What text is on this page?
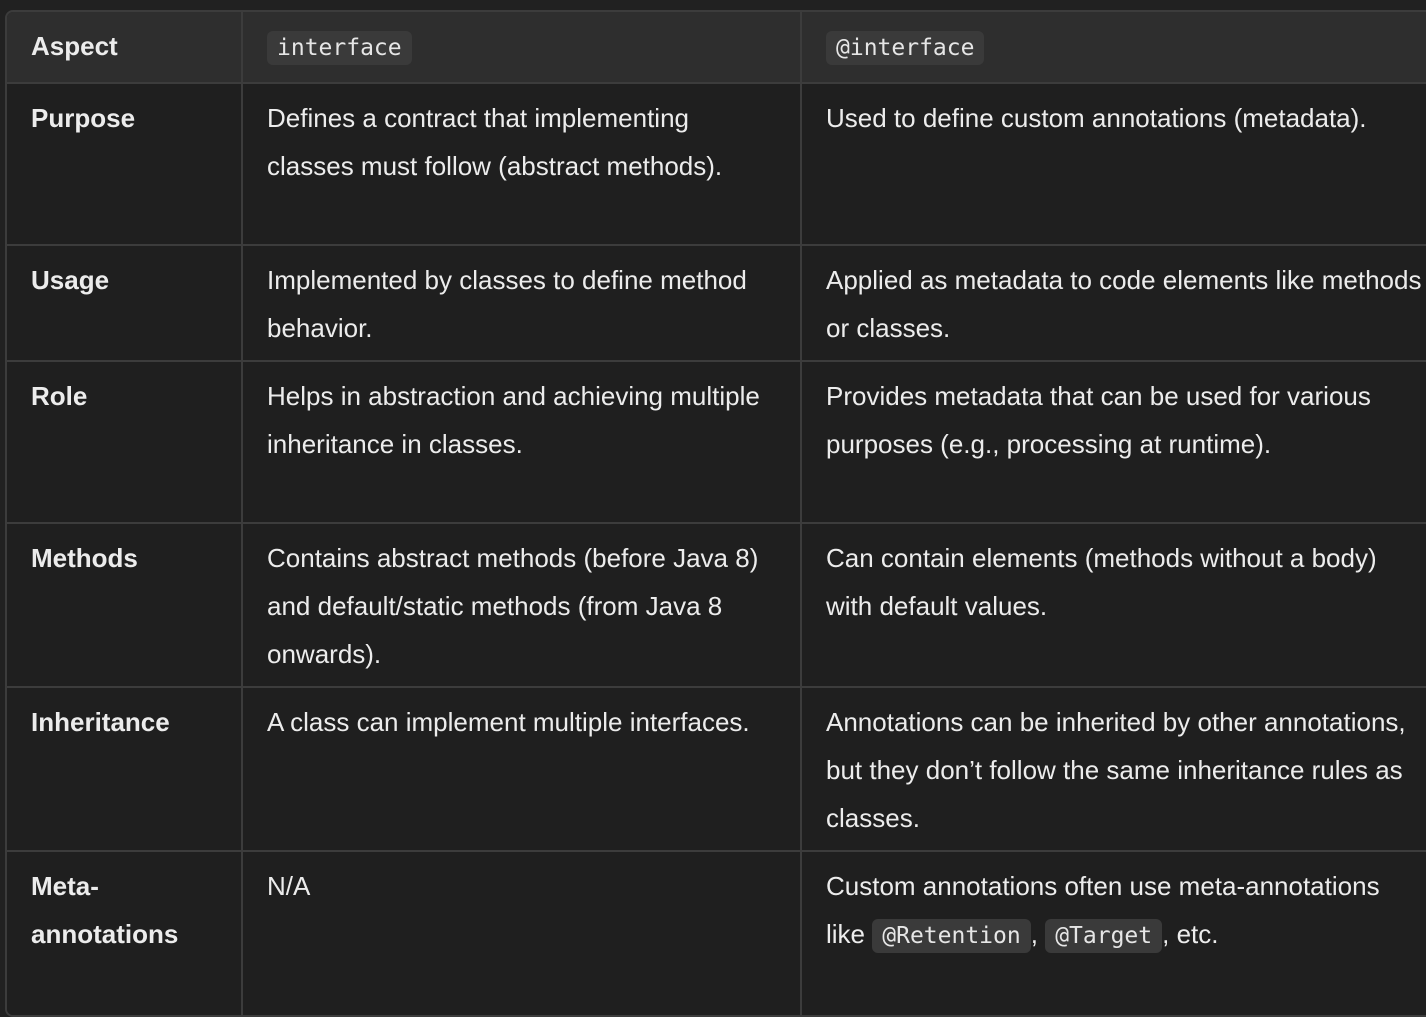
Aspect	interface	@interface
Purpose	Defines a contract that implementing classes must follow (abstract methods).	Used to define custom annotations (metadata).
Usage	Implemented by classes to define method behavior.	Applied as metadata to code elements like methods or classes.
Role	Helps in abstraction and achieving multiple inheritance in classes.	Provides metadata that can be used for various purposes (e.g., processing at runtime).
Methods	Contains abstract methods (before Java 8) and default/static methods (from Java 8 onwards).	Can contain elements (methods without a body) with default values.
Inheritance	A class can implement multiple interfaces.	Annotations can be inherited by other annotations, but they don’t follow the same inheritance rules as classes.
Meta-annotations	N/A	Custom annotations often use meta-annotations like @Retention , @Target , etc.
